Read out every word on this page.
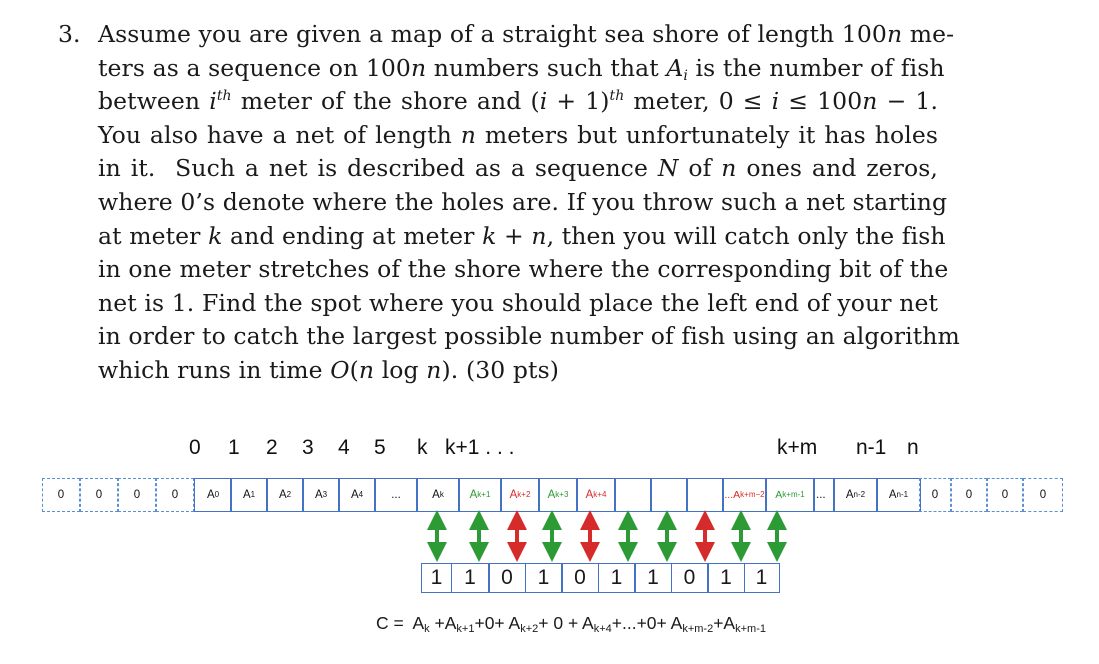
3. Assume you are given a map of a straight sea shore of length 100n me-
ters as a sequence on 100n numbers such that $A_i$ is the number of fish
between $i^{th}$ meter of the shore and $(i + 1)^{th}$ meter, 0 ≤ i ≤ 100n − 1.
You also have a net of length n meters but unfortunately it has holes
in it.  Such a net is described as a sequence N of n ones and zeros,
where 0’s denote where the holes are. If you throw such a net starting
at meter k and ending at meter k + n, then you will catch only the fish
in one meter stretches of the shore where the corresponding bit of the
net is 1. Find the spot where you should place the left end of your net
in order to catch the largest possible number of fish using an algorithm
which runs in time O(n log n). (30 pts)
0 1 2 3 4 5 k k+1 . . .	k+m n-1 n
0	0	0	0	A 0	A 1	A 2	A 3	A 4	...	A k	A k+1	A k+2	A k+3	A k+4	...A k+m−2	A k+m-1 ...	A n-2	A n-1	0	0	0	0
1	1	0	1	0	1	1	0	1	1
$C = A_k +A_{k+1}+0+ A_{k+2}+ 0 + A_{k+4}+...+0+ A_{k+m-2}+A_{k+m-1}$
